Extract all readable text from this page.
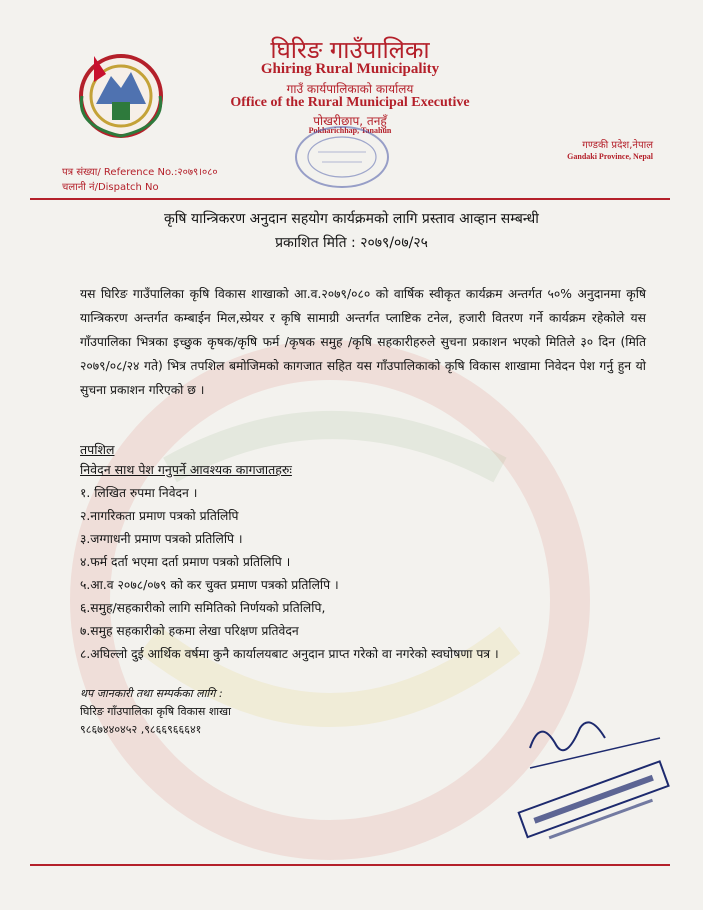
घिरिङ गाउँपालिका

Ghiring Rural Municipality

गाउँ कार्यपालिकाको कार्यालय

Office of the Rural Municipal Executive

पोखरीछाप, तनहुँ

Pokharichhap, Tanahun

गण्डकी प्रदेश,नेपाल

Gandaki Province, Nepal

पत्र संख्या/ Reference No.:२०७९।०८०

चलानी नं/Dispatch No

कृषि यान्त्रिकरण अनुदान सहयोग कार्यक्रमको लागि प्रस्ताव आव्हान सम्बन्धी

प्रकाशित मिति : २०७९/०७/२५

यस घिरिङ गाउँपालिका कृषि विकास शाखाको आ.व.२०७९/०८० को वार्षिक स्वीकृत कार्यक्रम अन्तर्गत ५०% अनुदानमा कृषि यान्त्रिकरण अन्तर्गत कम्बाईन मिल,स्प्रेयर र कृषि सामाग्री अन्तर्गत प्लाष्टिक टनेल, हजारी वितरण गर्ने कार्यक्रम रहेकोले यस गाँउपालिका भित्रका इच्छुक कृषक/कृषि फर्म /कृषक समुह /कृषि सहकारीहरुले सुचना प्रकाशन भएको मितिले ३० दिन (मिति २०७९/०८/२४ गते) भित्र तपशिल बमोजिमको कागजात सहित यस गाँउपालिकाको कृषि विकास शाखामा निवेदन पेश गर्नु हुन यो सुचना प्रकाशन गरिएको छ ।

तपशिल

निवेदन साथ पेश गनुपर्ने आवश्यक कागजातहरुः

१. लिखित रुपमा निवेदन ।
२.नागरिकता प्रमाण पत्रको प्रतिलिपि
३.जग्गाधनी प्रमाण पत्रको प्रतिलिपि ।
४.फर्म दर्ता भएमा दर्ता प्रमाण पत्रको प्रतिलिपि ।
५.आ.व २०७८/०७९ को कर चुक्त प्रमाण पत्रको प्रतिलिपि ।
६.समुह/सहकारीको लागि समितिको निर्णयको प्रतिलिपि,
७.समुह सहकारीको हकमा लेखा परिक्षण प्रतिवेदन
८.अघिल्लो दुई आर्थिक वर्षमा कुनै कार्यालयबाट अनुदान प्राप्त गरेको वा नगरेको स्वघोषणा पत्र ।

थप जानकारी तथा सम्पर्कका लागि :

घिरिङ गाँउपालिका कृषि विकास शाखा

९८६७४४०४५२ ,९८६६९६६६४१
